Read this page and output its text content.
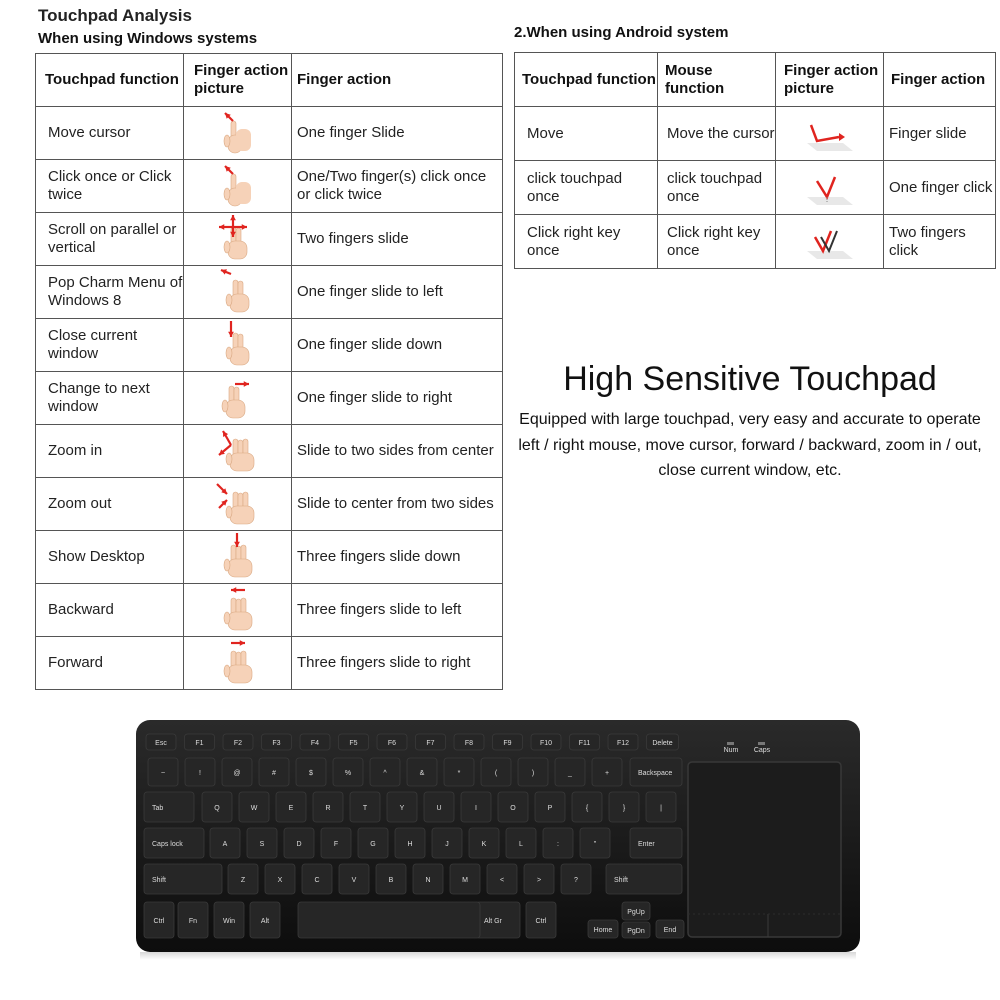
Touchpad Analysis
When using Windows systems	2.When using Android system
Touchpad function	Finger action picture	Finger action
Move cursor		One finger Slide
Click once or Click twice		One/Two finger(s) click once or click twice
Scroll on parallel or vertical		Two fingers slide
Pop Charm Menu of Windows 8		One finger slide to left
Close current window		One finger slide down
Change to next window		One finger slide to right
Zoom in		Slide to two sides from center
Zoom out		Slide to center from two sides
Show Desktop		Three fingers slide down
Backward		Three fingers slide to left
Forward		Three fingers slide to right
Touchpad function	Mouse function	Finger action picture	Finger action
Move	Move the cursor		Finger slide
click touchpad once	click touchpad once		One finger click
Click right key once	Click right key once		Two fingers click
High Sensitive Touchpad
Equipped with large touchpad, very easy and accurate to operate
left / right mouse, move cursor, forward / backward, zoom in / out,
close current window, etc.
Esc	F1	F2	F3	F4	F5	F6	F7	F8	F9	F10	F11	F12	Delete
Num Caps
~	!	@	#	$	%	^	&	*	(	)	_	+	Backspace
Tab	Q	W	E	R	T	Y	U	I	O	P	{	}	|
Caps lock	A	S	D	F	G	H	J	K	L	:	"	Enter
Shift	Z	X	C	V	B	N	M	<	>	?	Shift
Ctrl	Fn	Win	Alt	Alt Gr	Ctrl
PgUp
PgDn	End
Home
